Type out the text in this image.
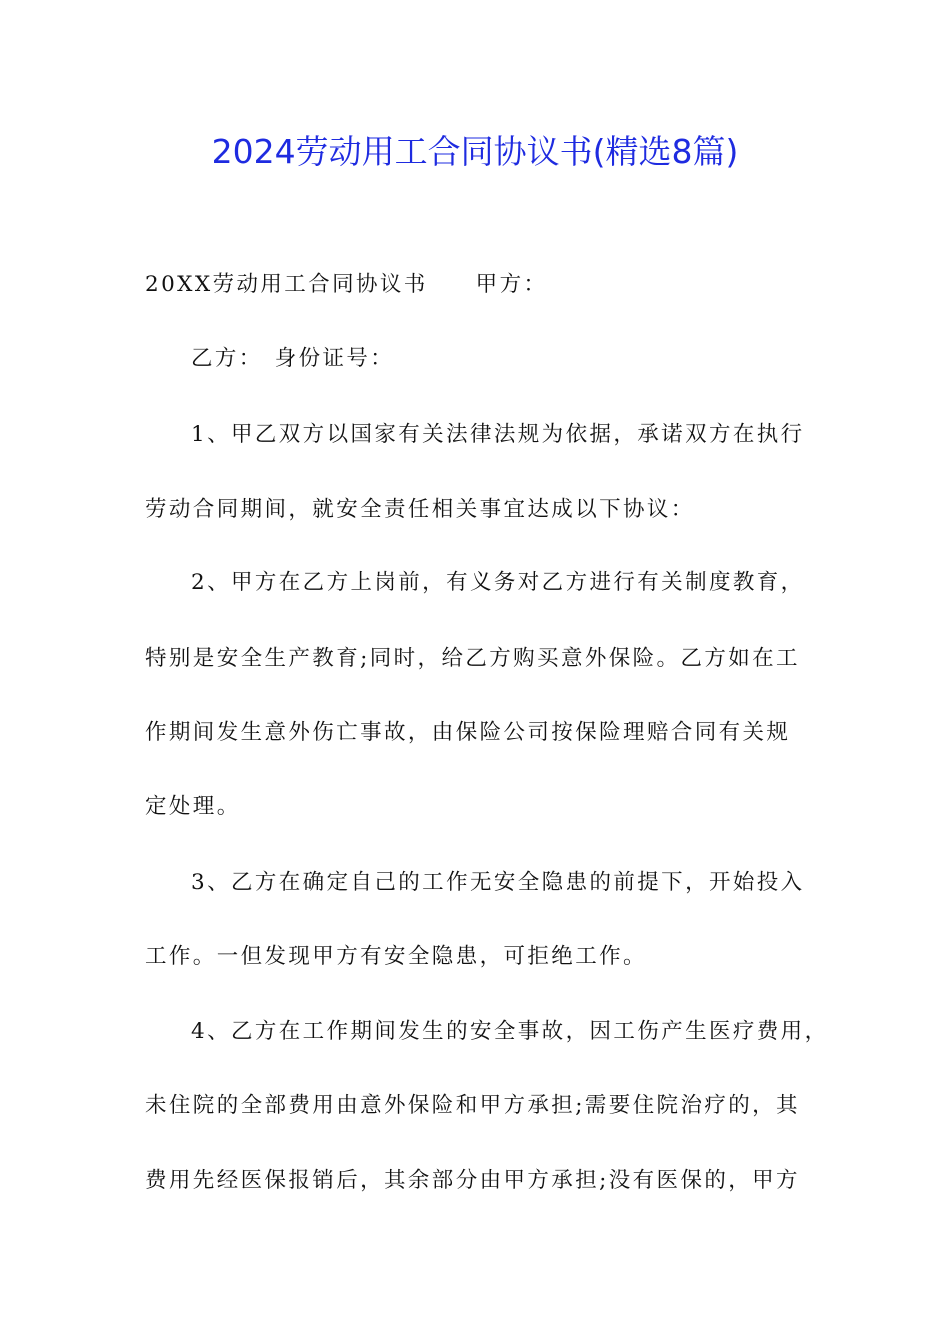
2024劳动用工合同协议书(精选8篇)
20XX劳动用工合同协议书 甲方：
乙方： 身份证号：
1、甲乙双方以国家有关法律法规为依据，承诺双方在执行
劳动合同期间，就安全责任相关事宜达成以下协议：
2、甲方在乙方上岗前，有义务对乙方进行有关制度教育，
特别是安全生产教育;同时，给乙方购买意外保险。乙方如在工
作期间发生意外伤亡事故，由保险公司按保险理赔合同有关规
定处理。
3、乙方在确定自己的工作无安全隐患的前提下，开始投入
工作。一但发现甲方有安全隐患，可拒绝工作。
4、乙方在工作期间发生的安全事故，因工伤产生医疗费用，
未住院的全部费用由意外保险和甲方承担;需要住院治疗的，其
费用先经医保报销后，其余部分由甲方承担;没有医保的，甲方
